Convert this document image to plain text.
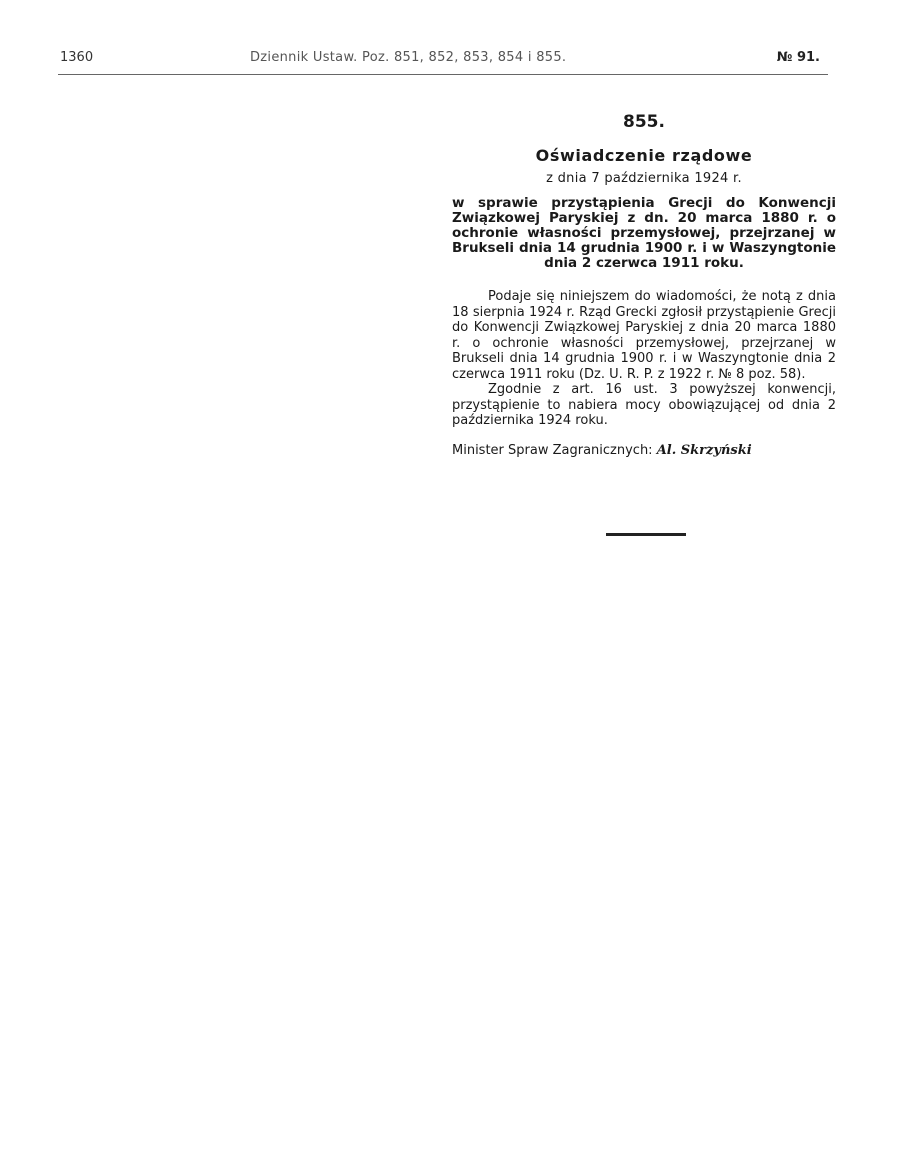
1360	Dziennik Ustaw. Poz. 851, 852, 853, 854 i 855.	№ 91.
855.
Oświadczenie rządowe
z dnia 7 października 1924 r.
w sprawie przystąpienia Grecji do Konwencji Związkowej Paryskiej z dn. 20 marca 1880 r. o ochronie własności przemysłowej, przejrzanej w Brukseli dnia 14 grudnia 1900 r. i w Waszyngtonie dnia 2 czerwca 1911 roku.

Podaje się niniejszem do wiadomości, że notą z dnia 18 sierpnia 1924 r. Rząd Grecki zgłosił przystąpienie Grecji do Konwencji Związkowej Paryskiej z dnia 20 marca 1880 r. o ochronie własności przemysłowej, przejrzanej w Brukseli dnia 14 grudnia 1900 r. i w Waszyngtonie dnia 2 czerwca 1911 roku (Dz. U. R. P. z 1922 r. № 8 poz. 58).

Zgodnie z art. 16 ust. 3 powyższej konwencji, przystąpienie to nabiera mocy obowiązującej od dnia 2 października 1924 roku.

Minister Spraw Zagranicznych: Al. Skrzyński
